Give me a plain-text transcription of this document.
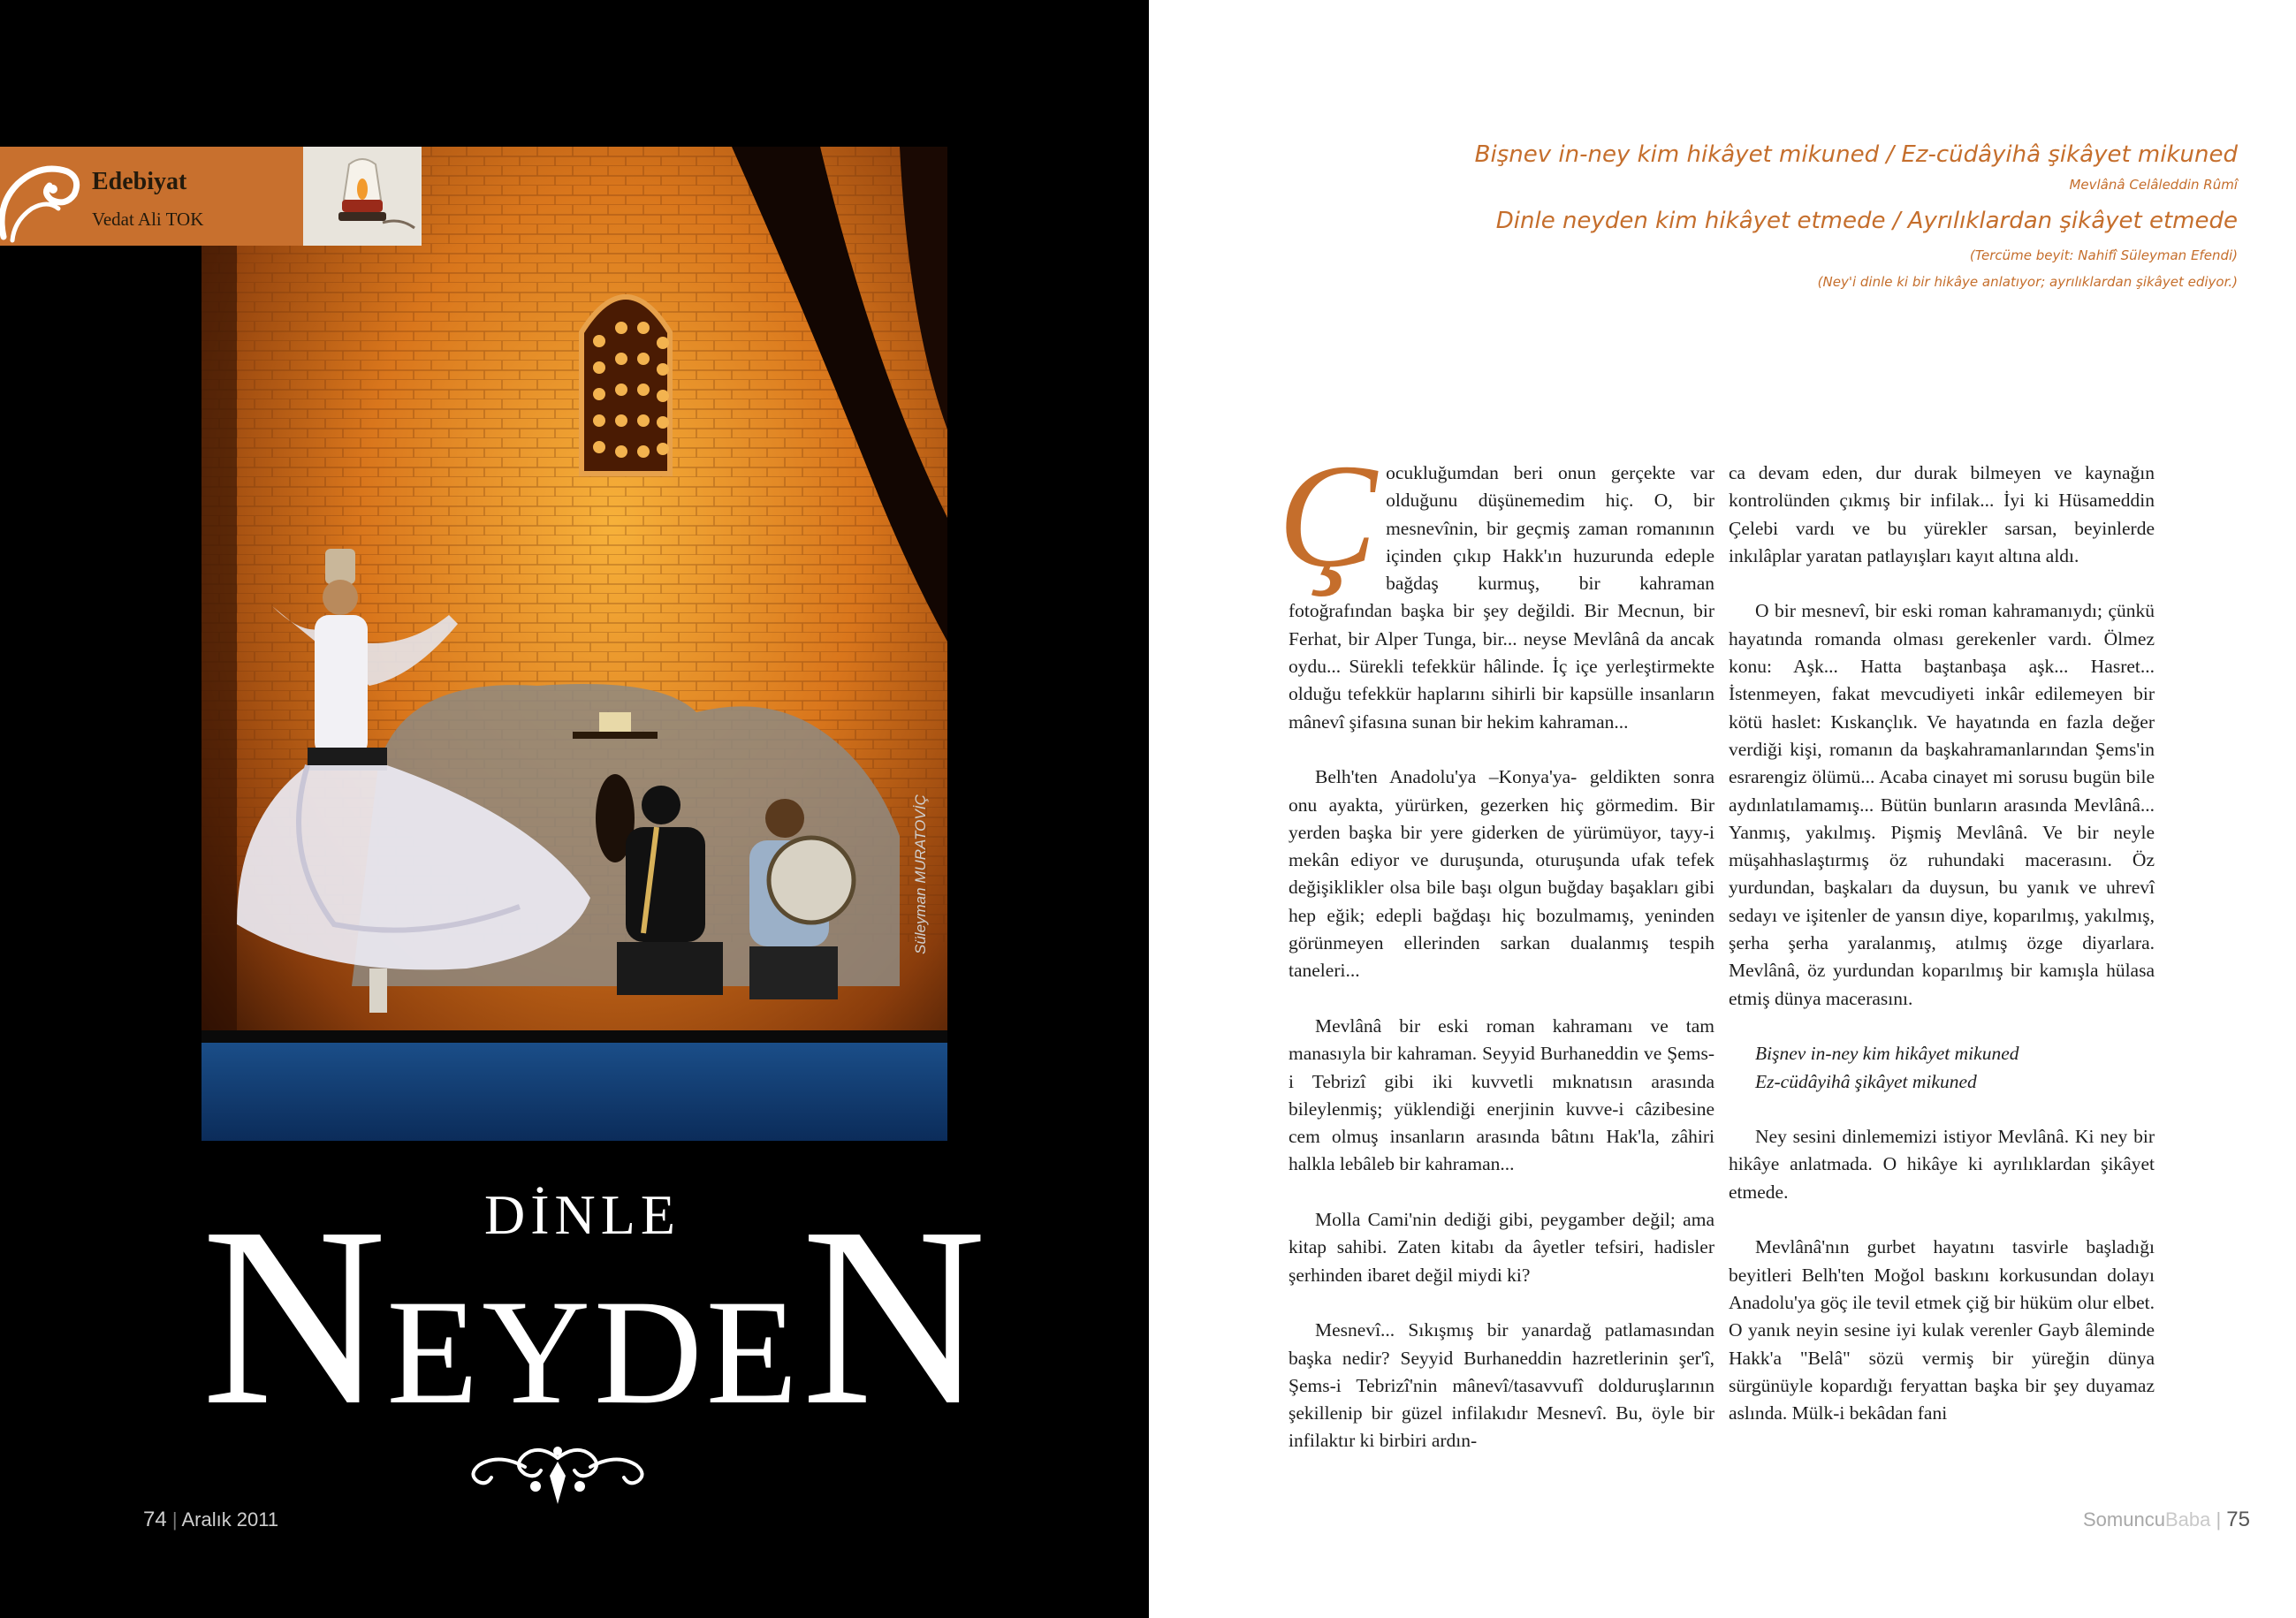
Süleyman MURATOVİÇ
Edebiyat
Vedat Ali TOK
DİNLE
NEYDEN
74 | Aralık 2011
Bişnev in-ney kim hikâyet mikuned / Ez-cüdâyihâ şikâyet mikuned
Mevlânâ Celâleddin Rûmî
Dinle neyden kim hikâyet etmede / Ayrılıklardan şikâyet etmede
(Tercüme beyit: Nahifî Süleyman Efendi)
(Ney'i dinle ki bir hikâye anlatıyor; ayrılıklardan şikâyet ediyor.)

Çocukluğumdan beri onun gerçekte var olduğunu düşünemedim hiç. O, bir mesnevînin, bir geçmiş zaman romanının içinden çıkıp Hakk'ın huzurunda edeple bağdaş kurmuş, bir kahraman fotoğrafından başka bir şey değildi. Bir Mecnun, bir Ferhat, bir Alper Tunga, bir... neyse Mevlânâ da ancak oydu... Sürekli tefekkür hâlinde. İç içe yerleştirmekte olduğu tefekkür haplarını sihirli bir kapsülle insanların mânevî şifasına sunan bir hekim kahraman...

Belh'ten Anadolu'ya –Konya'ya- geldikten sonra onu ayakta, yürürken, gezerken hiç görmedim. Bir yerden başka bir yere giderken de yürümüyor, tayy-i mekân ediyor ve duruşunda, oturuşunda ufak tefek değişiklikler olsa bile başı olgun buğday başakları gibi hep eğik; edepli bağdaşı hiç bozulmamış, yeninden görünmeyen ellerinden sarkan dualanmış tespih taneleri...

Mevlânâ bir eski roman kahramanı ve tam manasıyla bir kahraman. Seyyid Burhaneddin ve Şems-i Tebrizî gibi iki kuvvetli mıknatısın arasında bileylenmiş; yüklendiği enerjinin kuvve-i câzibesine cem olmuş insanların arasında bâtını Hak'la, zâhiri halkla lebâleb bir kahraman...

Molla Cami'nin dediği gibi, peygamber değil; ama kitap sahibi. Zaten kitabı da âyetler tefsiri, hadisler şerhinden ibaret değil miydi ki?

Mesnevî... Sıkışmış bir yanardağ patlamasından başka nedir? Seyyid Burhaneddin hazretlerinin şer'î, Şems-i Tebrizî'nin mânevî/tasavvufî dolduruşlarının şekillenip bir güzel infilakıdır Mesnevî. Bu, öyle bir infilaktır ki birbiri ardın-

ca devam eden, dur durak bilmeyen ve kaynağın kontrolünden çıkmış bir infilak... İyi ki Hüsameddin Çelebi vardı ve bu yürekler sarsan, beyinlerde inkılâplar yaratan patlayışları kayıt altına aldı.

O bir mesnevî, bir eski roman kahramanıydı; çünkü hayatında romanda olması gerekenler vardı. Ölmez konu: Aşk... Hatta baştanbaşa aşk... Hasret... İstenmeyen, fakat mevcudiyeti inkâr edilemeyen bir kötü haslet: Kıskançlık. Ve hayatında en fazla değer verdiği kişi, romanın da başkahramanlarından Şems'in esrarengiz ölümü... Acaba cinayet mi sorusu bugün bile aydınlatılamamış... Bütün bunların arasında Mevlânâ... Yanmış, yakılmış. Pişmiş Mevlânâ. Ve bir neyle müşahhaslaştırmış öz ruhundaki macerasını. Öz yurdundan, başkaları da duysun, bu yanık ve uhrevî sedayı ve işitenler de yansın diye, koparılmış, yakılmış, şerha şerha yaralanmış, atılmış özge diyarlara. Mevlânâ, öz yurdundan koparılmış bir kamışla hülasa etmiş dünya macerasını.

Bişnev in-ney kim hikâyet mikuned

Ez-cüdâyihâ şikâyet mikuned

Ney sesini dinlememizi istiyor Mevlânâ. Ki ney bir hikâye anlatmada. O hikâye ki ayrılıklardan şikâyet etmede.

Mevlânâ'nın gurbet hayatını tasvirle başladığı beyitleri Belh'ten Moğol baskını korkusundan dolayı Anadolu'ya göç ile tevil etmek çiğ bir hüküm olur elbet. O yanık neyin sesine iyi kulak verenler Gayb âleminde Hakk'a "Belâ" sözü vermiş bir yüreğin dünya sürgünüyle kopardığı feryattan başka bir şey duyamaz aslında. Mülk-i bekâdan fani

SomuncuBaba | 75
